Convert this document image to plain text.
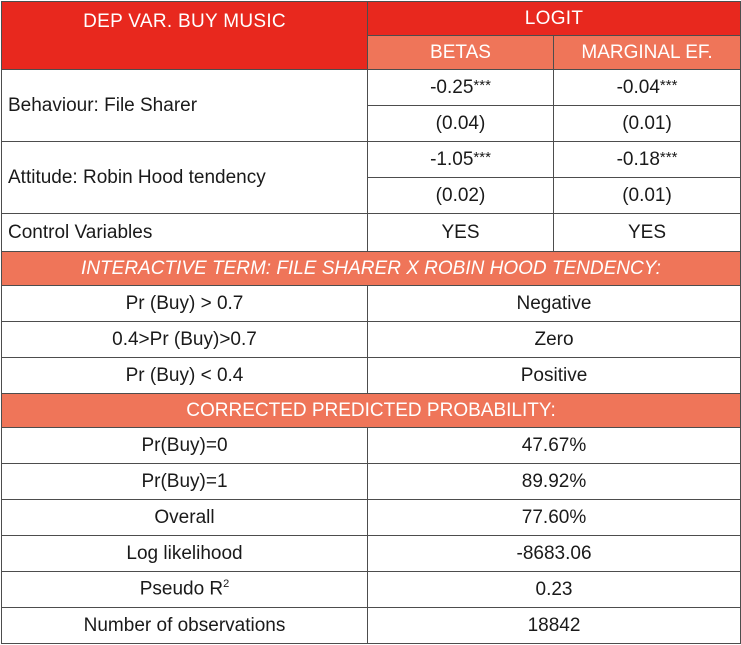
DEP VAR. BUY MUSIC	LOGIT	
	BETAS	MARGINAL EF.
Behaviour: File Sharer	-0.25***	-0.04***
	(0.04)	(0.01)
Attitude: Robin Hood tendency	-1.05***	-0.18***
	(0.02)	(0.01)
Control Variables	YES	YES
INTERACTIVE TERM: FILE SHARER X ROBIN HOOD TENDENCY:		
Pr (Buy) > 0.7	Negative	
0.4>Pr (Buy)>0.7	Zero	
Pr (Buy) < 0.4	Positive	
CORRECTED PREDICTED PROBABILITY:		
Pr(Buy)=0	47.67%	
Pr(Buy)=1	89.92%	
Overall	77.60%	
Log likelihood	-8683.06	
Pseudo $R^2$	0.23	
Number of observations	18842	
